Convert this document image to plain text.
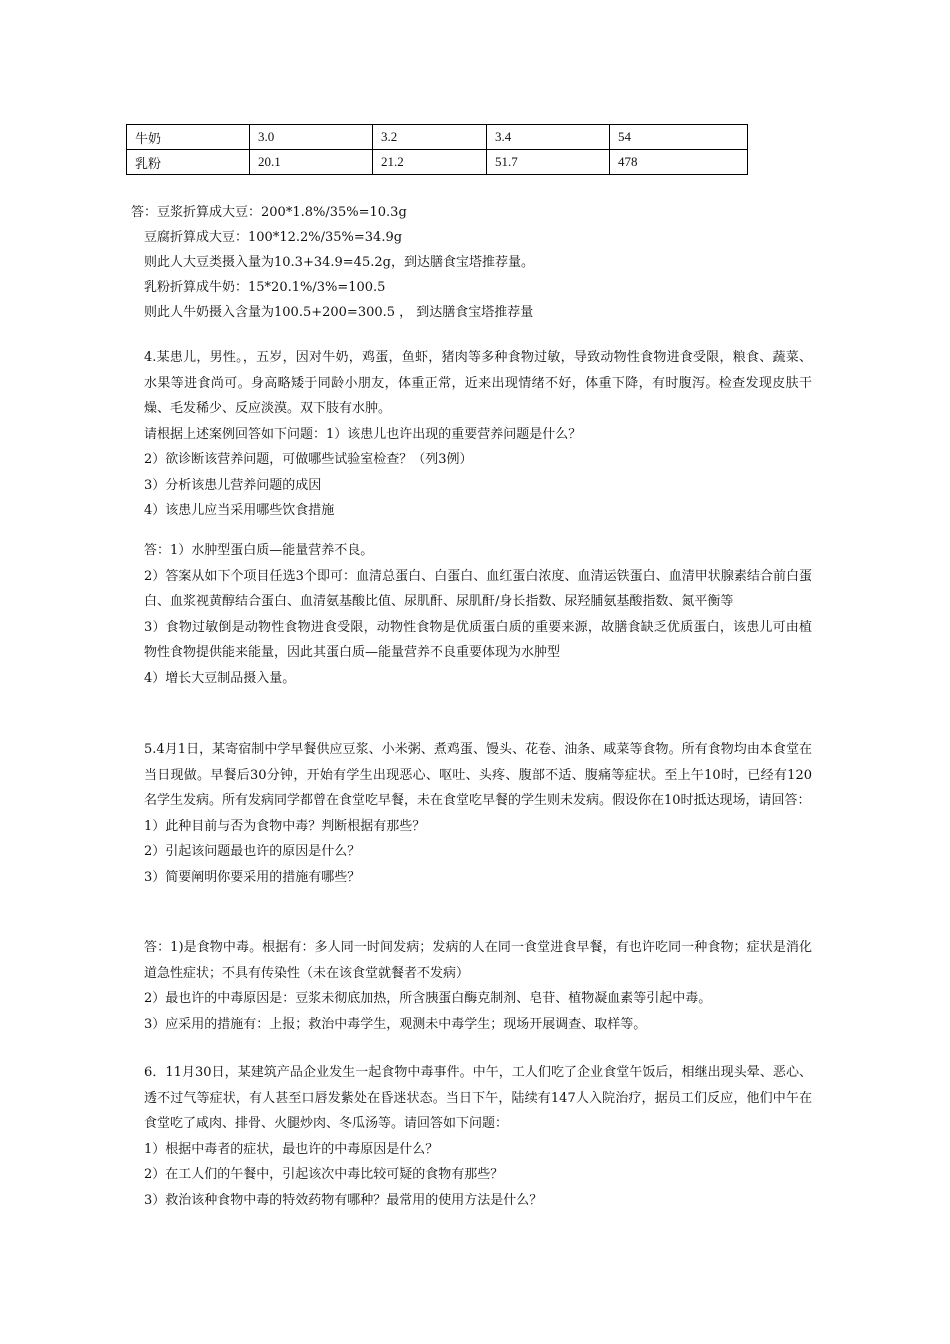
牛奶	3.0	3.2	3.4	54
乳粉	20.1	21.2	51.7	478

答：豆浆折算成大豆：200*1.8%/35%=10.3g

豆腐折算成大豆：100*12.2%/35%=34.9g

则此人大豆类摄入量为10.3+34.9=45.2g，到达膳食宝塔推荐量。

乳粉折算成牛奶：15*20.1%/3%=100.5

则此人牛奶摄入含量为100.5+200=300.5 ， 到达膳食宝塔推荐量

4.某患儿，男性。，五岁，因对牛奶，鸡蛋，鱼虾，猪肉等多种食物过敏，导致动物性食物进食受限，粮食、蔬菜、水果等进食尚可。身高略矮于同龄小朋友，体重正常，近来出现情绪不好，体重下降，有时腹泻。检查发现皮肤干燥、毛发稀少、反应淡漠。双下肢有水肿。

请根据上述案例回答如下问题：1）该患儿也许出现的重要营养问题是什么？

2）欲诊断该营养问题，可做哪些试验室检查？（列3例）

3）分析该患儿营养问题的成因

4）该患儿应当采用哪些饮食措施

答：1）水肿型蛋白质—能量营养不良。

2）答案从如下个项目任选3个即可：血清总蛋白、白蛋白、血红蛋白浓度、血清运铁蛋白、血清甲状腺素结合前白蛋白、血浆视黄醇结合蛋白、血清氨基酸比值、尿肌酐、尿肌酐/身长指数、尿羟脯氨基酸指数、氮平衡等

3）食物过敏倒是动物性食物进食受限，动物性食物是优质蛋白质的重要来源，故膳食缺乏优质蛋白，该患儿可由植物性食物提供能来能量，因此其蛋白质—能量营养不良重要体现为水肿型

4）增长大豆制品摄入量。

5.4月1日，某寄宿制中学早餐供应豆浆、小米粥、煮鸡蛋、馒头、花卷、油条、咸菜等食物。所有食物均由本食堂在当日现做。早餐后30分钟，开始有学生出现恶心、呕吐、头疼、腹部不适、腹痛等症状。至上午10时，已经有120名学生发病。所有发病同学都曾在食堂吃早餐，未在食堂吃早餐的学生则未发病。假设你在10时抵达现场，请回答：

1）此种目前与否为食物中毒？判断根据有那些？

2）引起该问题最也许的原因是什么？

3）简要阐明你要采用的措施有哪些？

答：1)是食物中毒。根据有：多人同一时间发病；发病的人在同一食堂进食早餐，有也许吃同一种食物；症状是消化道急性症状；不具有传染性（未在该食堂就餐者不发病）

2）最也许的中毒原因是：豆浆未彻底加热，所含胰蛋白酶克制剂、皂苷、植物凝血素等引起中毒。

3）应采用的措施有：上报；救治中毒学生，观测未中毒学生；现场开展调查、取样等。

6．11月30日，某建筑产品企业发生一起食物中毒事件。中午，工人们吃了企业食堂午饭后，相继出现头晕、恶心、透不过气等症状，有人甚至口唇发紫处在昏迷状态。当日下午，陆续有147人入院治疗，据员工们反应，他们中午在食堂吃了咸肉、排骨、火腿炒肉、冬瓜汤等。请回答如下问题：

1）根据中毒者的症状，最也许的中毒原因是什么？

2）在工人们的午餐中，引起该次中毒比较可疑的食物有那些？

3）救治该种食物中毒的特效药物有哪种？最常用的使用方法是什么？
